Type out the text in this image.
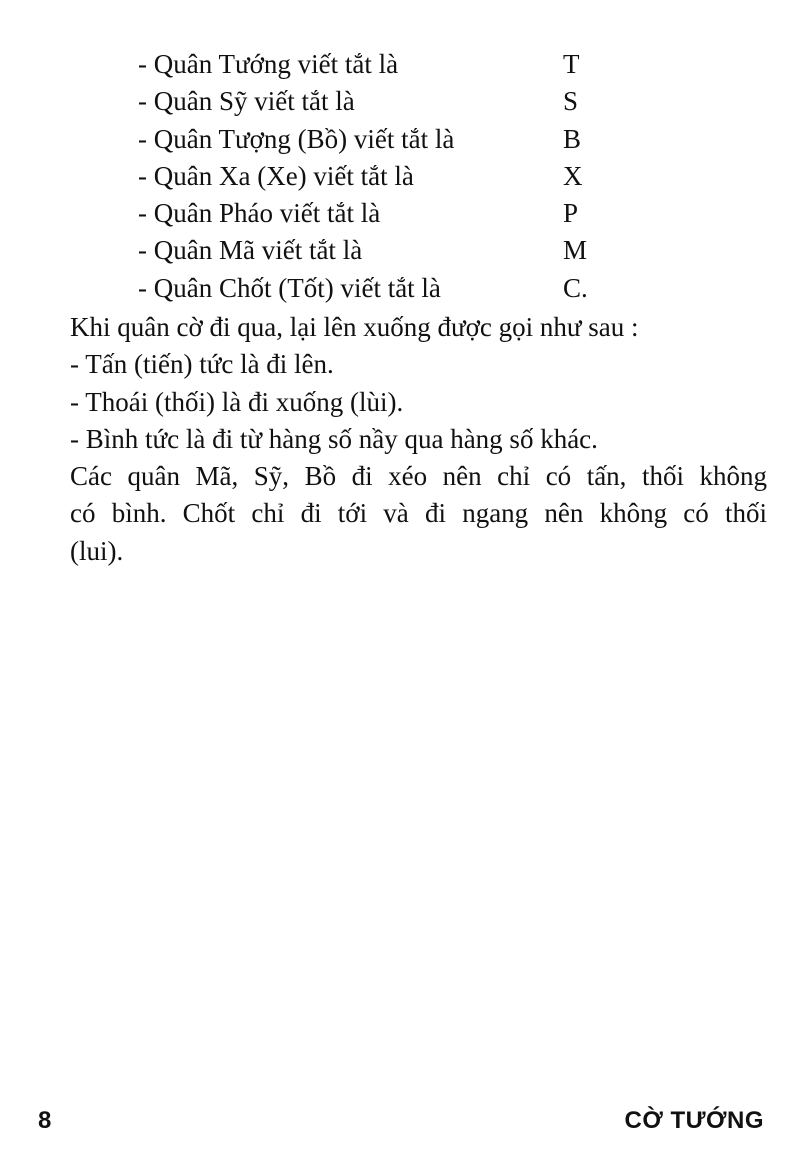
- Quân Tướng viết tắt là	T
- Quân Sỹ viết tắt là	S
- Quân Tượng (Bồ) viết tắt là	B
- Quân Xa (Xe) viết tắt là	X
- Quân Pháo viết tắt là	P
- Quân Mã viết tắt là	M
- Quân Chốt (Tốt) viết tắt là	C.
Khi quân cờ đi qua, lại lên xuống được gọi như sau :
- Tấn (tiến) tức là đi lên.
- Thoái (thối) là đi xuống (lùi).
- Bình tức là đi từ hàng số nầy qua hàng số khác.
Các quân Mã, Sỹ, Bồ đi xéo nên chỉ có tấn, thối không
có bình. Chốt chỉ đi tới và đi ngang nên không có thối
(lui).
8	CỜ TƯỚNG
